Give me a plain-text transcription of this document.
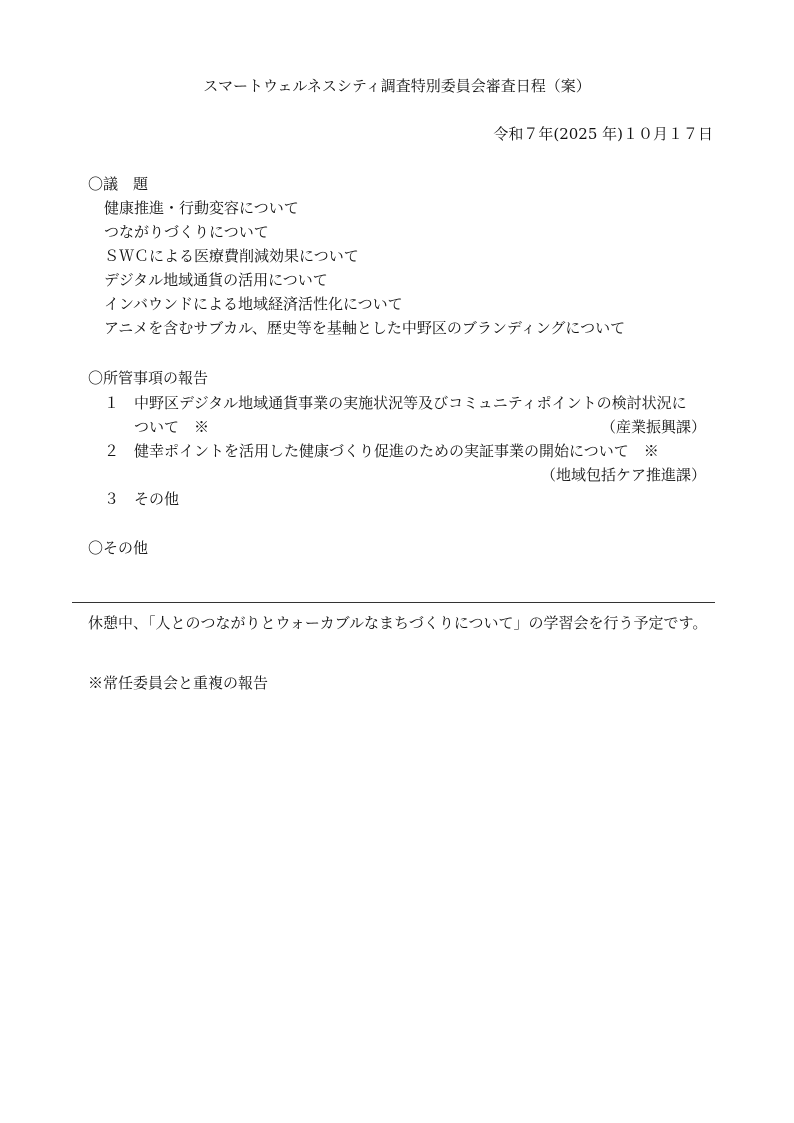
スマートウェルネスシティ調査特別委員会審査日程（案）
令和７年(2025 年)１０月１７日
〇議　題
健康推進・行動変容について
つながりづくりについて
ＳＷＣによる医療費削減効果について
デジタル地域通貨の活用について
インバウンドによる地域経済活性化について
アニメを含むサブカル、歴史等を基軸とした中野区のブランディングについて
〇所管事項の報告
１ 中野区デジタル地域通貨事業の実施状況等及びコミュニティポイントの検討状況に
ついて　※	（産業振興課）
２ 健幸ポイントを活用した健康づくり促進のための実証事業の開始について　※
（地域包括ケア推進課）
３ その他
〇その他
休憩中、「人とのつながりとウォーカブルなまちづくりについて」の学習会を行う予定です。
※常任委員会と重複の報告
